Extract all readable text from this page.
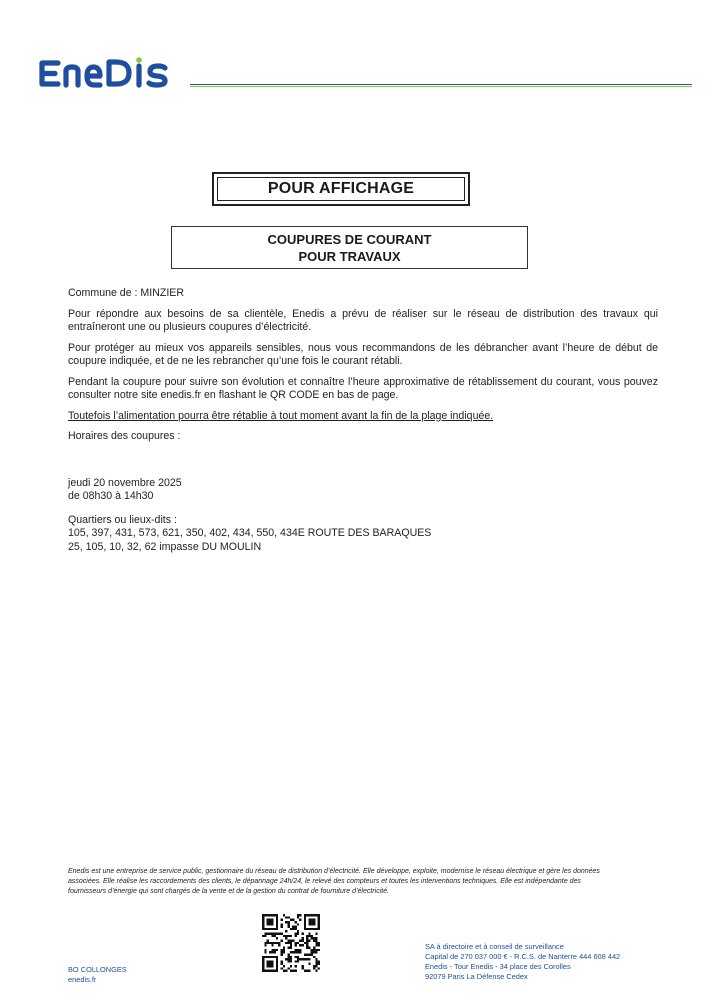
POUR AFFICHAGE
COUPURES DE COURANT
POUR TRAVAUX

Commune de : MINZIER

Pour répondre aux besoins de sa clientèle, Enedis a prévu de réaliser sur le réseau de distribution des travaux qui entraîneront une ou plusieurs coupures d’électricité.

Pour protéger au mieux vos appareils sensibles, nous vous recommandons de les débrancher avant l’heure de début de coupure indiquée, et de ne les rebrancher qu’une fois le courant rétabli.

Pendant la coupure pour suivre son évolution et connaître l’heure approximative de rétablissement du courant, vous pouvez consulter notre site enedis.fr en flashant le QR CODE en bas de page.

Toutefois l’alimentation pourra être rétablie à tout moment avant la fin de la plage indiquée.

Horaires des coupures :

jeudi 20 novembre 2025
de 08h30 à 14h30
Quartiers ou lieux-dits :
105, 397, 431, 573, 621, 350, 402, 434, 550, 434E ROUTE DES BARAQUES
25, 105, 10, 32, 62 impasse DU MOULIN
Enedis est une entreprise de service public, gestionnaire du réseau de distribution d’électricité. Elle développe, exploite, modernise le réseau électrique et gère les données
associées. Elle réalise les raccordements des clients, le dépannage 24h/24, le relevé des compteurs et toutes les interventions techniques. Elle est indépendante des
fournisseurs d’énergie qui sont chargés de la vente et de la gestion du contrat de fourniture d’électricité.
BO COLLONGES
enedis.fr
SA à directoire et à conseil de surveillance
Capital de 270 037 000 € - R.C.S. de Nanterre 444 608 442
Enedis - Tour Enedis - 34 place des Corolles
92079 Paris La Défense Cedex
